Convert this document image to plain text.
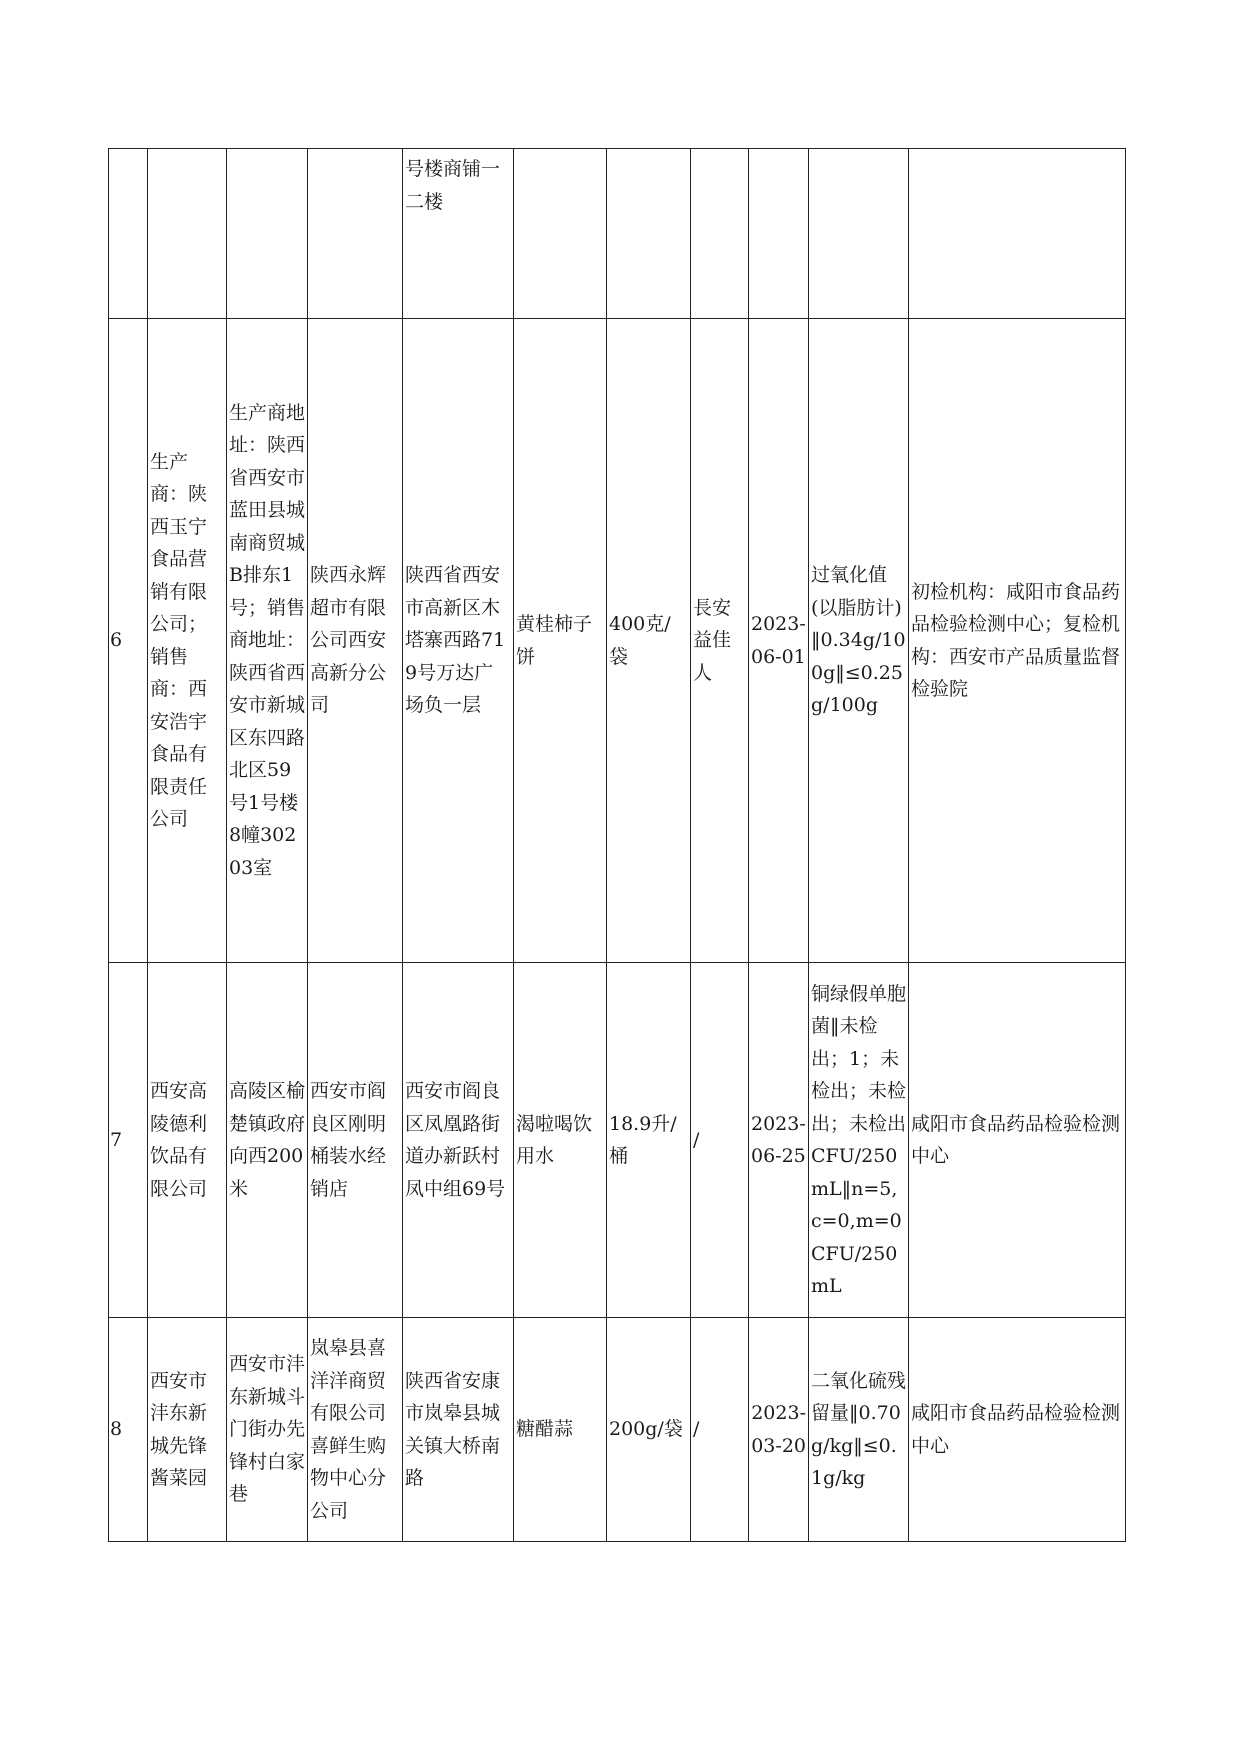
				号楼商铺一二楼						
6	生产商：陕西玉宁食品营销有限公司；销售商：西安浩宇食品有限责任公司	生产商地址：陕西省西安市蓝田县城南商贸城B排东1号；销售商地址：陕西省西安市新城区东四路北区59号1号楼8幢30203室	陕西永辉超市有限公司西安高新分公司	陕西省西安市高新区木塔寨西路719号万达广场负一层	黄桂柿子饼	400克/袋	長安益佳人	2023-06-01	过氧化值(以脂肪计)‖0.34g/100g‖≤0.25g/100g	初检机构：咸阳市食品药品检验检测中心；复检机构：西安市产品质量监督检验院
7	西安高陵德利饮品有限公司	高陵区榆楚镇政府向西200米	西安市阎良区刚明桶装水经销店	西安市阎良区凤凰路街道办新跃村凤中组69号	渴啦喝饮用水	18.9升/桶	/	2023-06-25	铜绿假单胞菌‖未检出；1；未检出；未检出；未检出CFU/250mL‖n=5,c=0,m=0CFU/250mL	咸阳市食品药品检验检测中心
8	西安市沣东新城先锋酱菜园	西安市沣东新城斗门街办先锋村白家巷	岚皋县喜洋洋商贸有限公司喜鲜生购物中心分公司	陕西省安康市岚皋县城关镇大桥南路	糖醋蒜	200g/袋	/	2023-03-20	二氧化硫残留量‖0.70g/kg‖≤0.1g/kg	咸阳市食品药品检验检测中心
